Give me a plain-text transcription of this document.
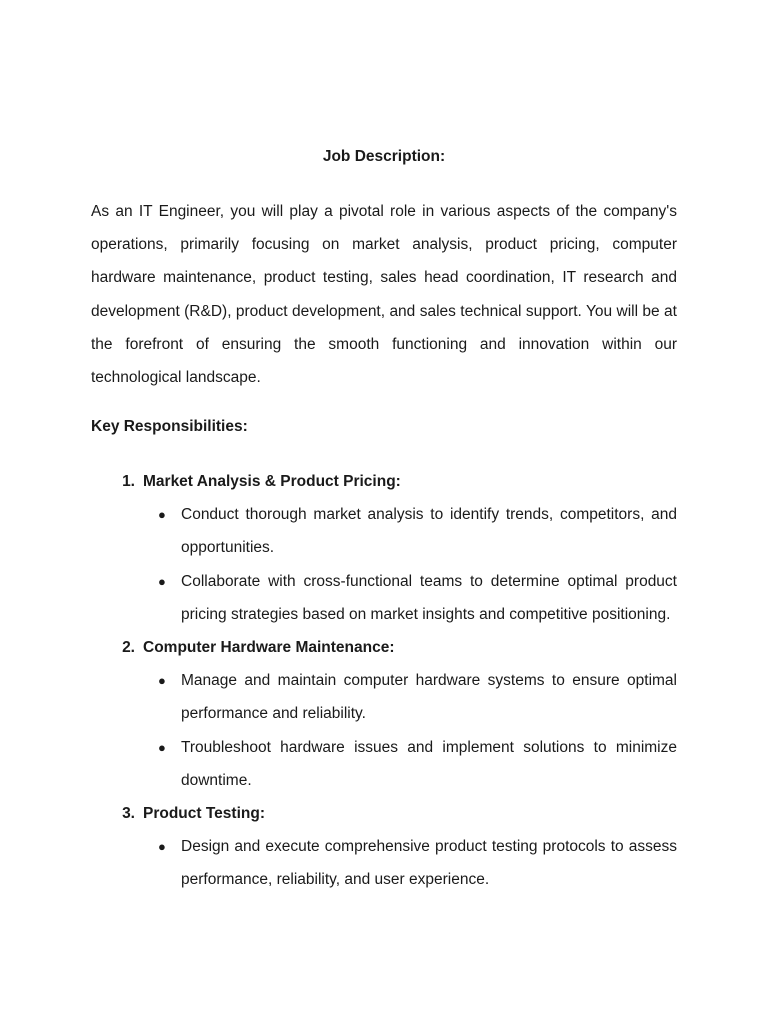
Job Description:

As an IT Engineer, you will play a pivotal role in various aspects of the company's operations, primarily focusing on market analysis, product pricing, computer hardware maintenance, product testing, sales head coordination, IT research and development (R&D), product development, and sales technical support. You will be at the forefront of ensuring the smooth functioning and innovation within our technological landscape.

Key Responsibilities:
1. Market Analysis & Product Pricing:
● Conduct thorough market analysis to identify trends, competitors, and opportunities.
● Collaborate with cross-functional teams to determine optimal product pricing strategies based on market insights and competitive positioning.
2. Computer Hardware Maintenance:
● Manage and maintain computer hardware systems to ensure optimal performance and reliability.
● Troubleshoot hardware issues and implement solutions to minimize downtime.
3. Product Testing:
● Design and execute comprehensive product testing protocols to assess performance, reliability, and user experience.
